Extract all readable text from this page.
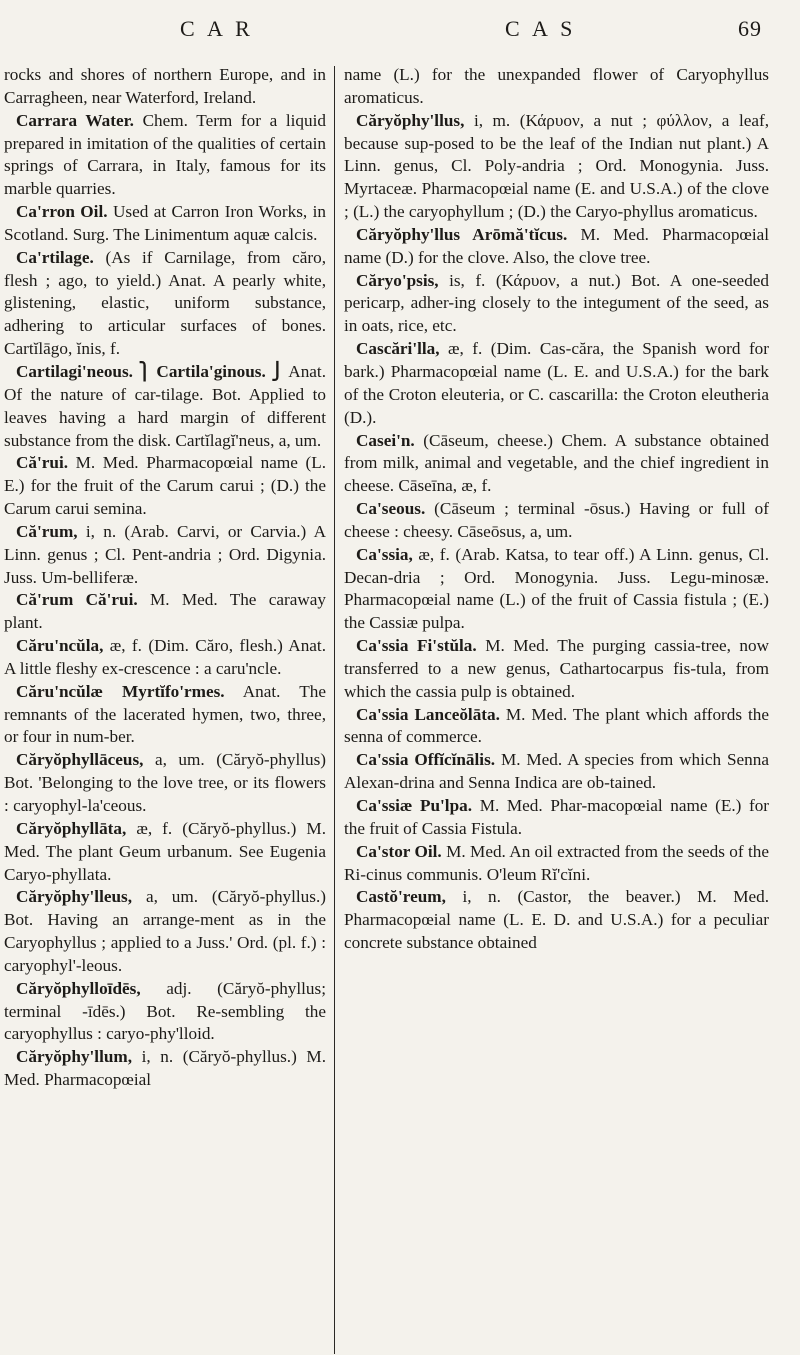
C A R	C A S	69
rocks and shores of northern Europe, and in Carragheen, near Waterford, Ireland.
Carrara Water. Chem. Term for a liquid prepared in imitation of the qualities of certain springs of Carrara, in Italy, famous for its marble quarries.
Ca'rron Oil. Used at Carron Iron Works, in Scotland. Surg. The Linimentum aquæ calcis.
Ca'rtilage. (As if Carnilage, from căro, flesh ; ago, to yield.) Anat. A pearly white, glistening, elastic, uniform substance, adhering to articular surfaces of bones. Cartĭlāgo, ĭnis, f.
Cartilagi'neous. ⎫ Cartila'ginous. ⎭ Anat. Of the nature of car-tilage. Bot. Applied to leaves having a hard margin of different substance from the disk. Cartĭlagĭ'neus, a, um.
Că'rui. M. Med. Pharmacopœial name (L. E.) for the fruit of the Carum carui ; (D.) the Carum carui semina.
Că'rum, i, n. (Arab. Carvi, or Carvia.) A Linn. genus ; Cl. Pent-andria ; Ord. Digynia. Juss. Um-belliferæ.
Că'rum Că'rui. M. Med. The caraway plant.
Căru'ncŭla, æ, f. (Dim. Căro, flesh.) Anat. A little fleshy ex-crescence : a caru'ncle.
Căru'ncŭlæ Myrtĭfo'rmes. Anat. The remnants of the lacerated hymen, two, three, or four in num-ber.
Căryŏphyllāceus, a, um. (Căryŏ-phyllus) Bot. 'Belonging to the love tree, or its flowers : caryophyl-la'ceous.
Căryŏphyllāta, æ, f. (Căryŏ-phyllus.) M. Med. The plant Geum urbanum. See Eugenia Caryo-phyllata.
Căryŏphy'lleus, a, um. (Căryŏ-phyllus.) Bot. Having an arrange-ment as in the Caryophyllus ; applied to a Juss.' Ord. (pl. f.) : caryophyl'-leous.
Căryŏphylloīdēs, adj. (Căryŏ-phyllus; terminal -īdēs.) Bot. Re-sembling the caryophyllus : caryo-phy'lloid.
Căryŏphy'llum, i, n. (Căryŏ-phyllus.) M. Med. Pharmacopœial
name (L.) for the unexpanded flower of Caryophyllus aromaticus.
Căryŏphy'llus, i, m. (Κάρυον, a nut ; φύλλον, a leaf, because sup-posed to be the leaf of the Indian nut plant.) A Linn. genus, Cl. Poly-andria ; Ord. Monogynia. Juss. Myrtaceæ. Pharmacopœial name (E. and U.S.A.) of the clove ; (L.) the caryophyllum ; (D.) the Caryo-phyllus aromaticus.
Căryŏphy'llus Arōmă'tĭcus. M. Med. Pharmacopœial name (D.) for the clove. Also, the clove tree.
Căryo'psis, is, f. (Κάρυον, a nut.) Bot. A one-seeded pericarp, adher-ing closely to the integument of the seed, as in oats, rice, etc.
Cascări'lla, æ, f. (Dim. Cas-căra, the Spanish word for bark.) Pharmacopœial name (L. E. and U.S.A.) for the bark of the Croton eleuteria, or C. cascarilla: the Croton eleutheria (D.).
Casei'n. (Cāseum, cheese.) Chem. A substance obtained from milk, animal and vegetable, and the chief ingredient in cheese. Cāseīna, æ, f.
Ca'seous. (Cāseum ; terminal -ōsus.) Having or full of cheese : cheesy. Cāseōsus, a, um.
Ca'ssia, æ, f. (Arab. Katsa, to tear off.) A Linn. genus, Cl. Decan-dria ; Ord. Monogynia. Juss. Legu-minosæ. Pharmacopœial name (L.) of the fruit of Cassia fistula ; (E.) the Cassiæ pulpa.
Ca'ssia Fi'stŭla. M. Med. The purging cassia-tree, now transferred to a new genus, Cathartocarpus fis-tula, from which the cassia pulp is obtained.
Ca'ssia Lanceŏlāta. M. Med. The plant which affords the senna of commerce.
Ca'ssia Offĭcĭnālis. M. Med. A species from which Senna Alexan-drina and Senna Indica are ob-tained.
Ca'ssiæ Pu'lpa. M. Med. Phar-macopœial name (E.) for the fruit of Cassia Fistula.
Ca'stor Oil. M. Med. An oil extracted from the seeds of the Ri-cinus communis. O'leum Rĭ'cĭni.
Castŏ'reum, i, n. (Castor, the beaver.) M. Med. Pharmacopœial name (L. E. D. and U.S.A.) for a peculiar concrete substance obtained
